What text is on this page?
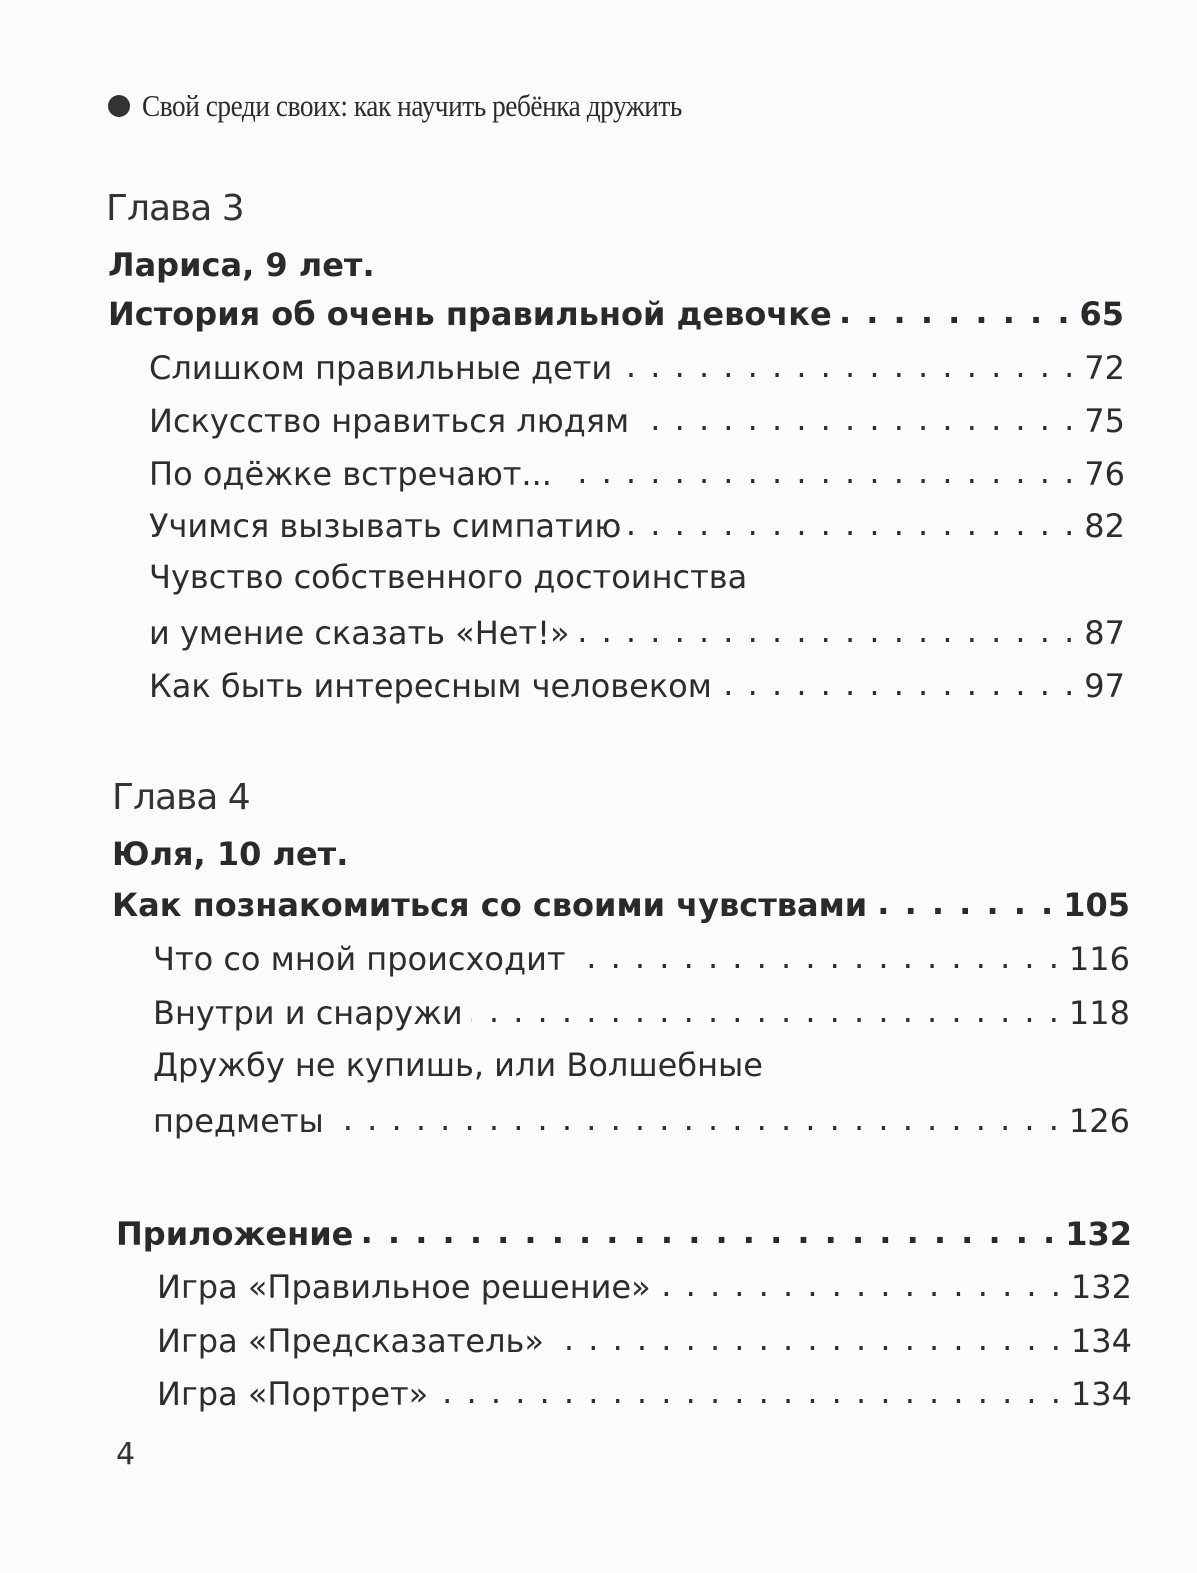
Свой среди своих: как научить ребёнка дружить
Глава 3
Лариса, 9 лет.
История об очень правильной девочке . . .	65
Слишком правильные дети . . .	72
Искусство нравиться людям . . .	75
По одёжке встречают... . . .	76
Учимся вызывать симпатию . . .	82
Чувство собственного достоинства
и умение сказать «Нет!» . . .	87
Как быть интересным человеком . . .	97
Глава 4
Юля, 10 лет.
Как познакомиться со своими чувствами . . .	105
Что со мной происходит . . .	116
Внутри и снаружи . . .	118
Дружбу не купишь, или Волшебные
предметы . . .	126
Приложение . . .	132
Игра «Правильное решение» . . .	132
Игра «Предсказатель» . . .	134
Игра «Портрет» . . .	134
4
